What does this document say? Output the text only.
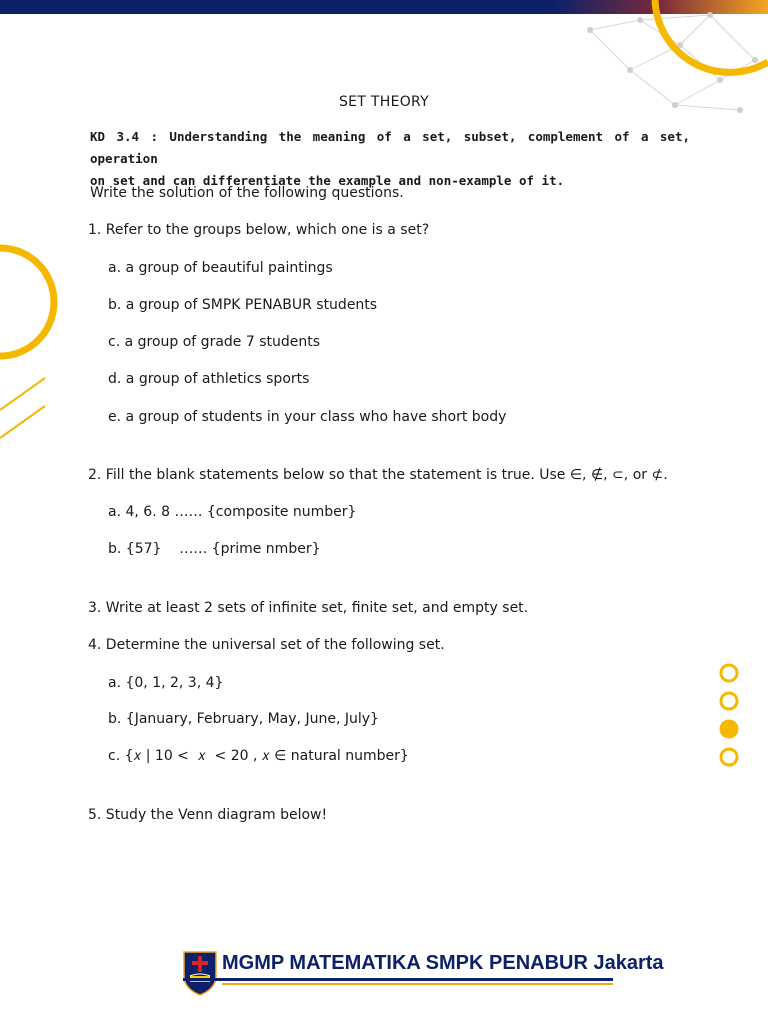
SET THEORY
KD 3.4 : Understanding the meaning of a set, subset, complement of a set, operation
on set and can differentiate the example and non-example of it.
Write the solution of the following questions.
1. Refer to the groups below, which one is a set?
a. a group of beautiful paintings
b. a group of SMPK PENABUR students
c. a group of grade 7 students
d. a group of athletics sports
e. a group of students in your class who have short body
2. Fill the blank statements below so that the statement is true. Use ∈, ∉, ⊂, or ⊄.
a. 4, 6. 8 …… {composite number}
b. {57}    …… {prime nmber}
3. Write at least 2 sets of infinite set, finite set, and empty set.
4. Determine the universal set of the following set.
a. {0, 1, 2, 3, 4}
b. {January, February, May, June, July}
c. {𝑥 | 10 <  𝑥  < 20 , 𝑥 ∈ natural number}
5. Study the Venn diagram below!
MGMP MATEMATIKA SMPK PENABUR Jakarta
